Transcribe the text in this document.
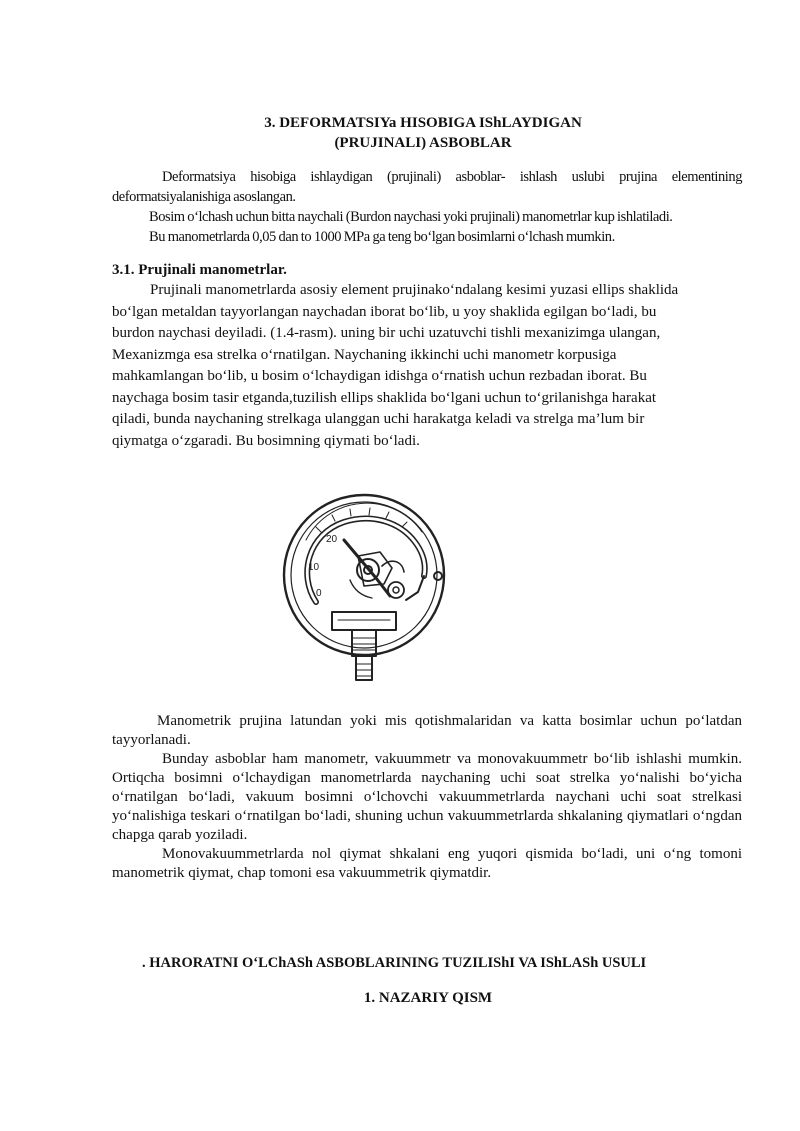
3. DEFORMATSIYa HISOBIGA IShLAYDIGAN
(PRUJINALI) ASBOBLAR
Deformatsiya hisobiga ishlaydigan (prujinali) asboblar- ishlash uslubi prujina elementining deformatsiyalanishiga asoslangan.
Bosim o‘lchash uchun bitta naychali (Burdon naychasi yoki prujinali) manometrlar kup ishlatiladi.
Bu manometrlarda 0,05 dan to 1000 MPa ga teng bo‘lgan bosimlarni o‘lchash mumkin.
3.1. Prujinali manometrlar.
Prujinali manometrlarda asosiy element prujinako‘ndalang kesimi yuzasi ellips shaklida
bo‘lgan metaldan tayyorlangan naychadan iborat bo‘lib, u yoy shaklida egilgan bo‘ladi, bu
burdon naychasi deyiladi. (1.4-rasm). uning bir uchi uzatuvchi tishli mexanizimga ulangan,
Mexanizmga esa strelka o‘rnatilgan. Naychaning ikkinchi uchi manometr korpusiga
mahkamlangan bo‘lib, u bosim o‘lchaydigan idishga o‘rnatish uchun rezbadan iborat. Bu
naychaga bosim tasir etganda,tuzilish ellips shaklida bo‘lgani uchun to‘grilanishga harakat
qiladi, bunda naychaning strelkaga ulanggan uchi harakatga keladi va strelga ma’lum bir
qiymatga o‘zgaradi. Bu bosimning qiymati bo‘ladi.
20
10
0
Manometrik prujina latundan yoki mis qotishmalaridan va katta bosimlar uchun po‘latdan tayyorlanadi.
Bunday asboblar ham manometr, vakuummetr va monovakuummetr bo‘lib ishlashi mumkin. Ortiqcha bosimni o‘lchaydigan manometrlarda naychaning uchi soat strelka yo‘nalishi bo‘yicha o‘rnatilgan bo‘ladi, vakuum bosimni o‘lchovchi vakuummetrlarda naychani uchi soat strelkasi yo‘nalishiga teskari o‘rnatilgan bo‘ladi, shuning uchun vakuummetrlarda shkalaning qiymatlari o‘ngdan chapga qarab yoziladi.
Monovakuummetrlarda nol qiymat shkalani eng yuqori qismida bo‘ladi, uni o‘ng tomoni manometrik qiymat, chap tomoni esa vakuummetrik qiymatdir.
. HARORATNI O‘LChASh ASBOBLARINING TUZILIShI VA IShLASh USULI
1. NAZARIY QISM
